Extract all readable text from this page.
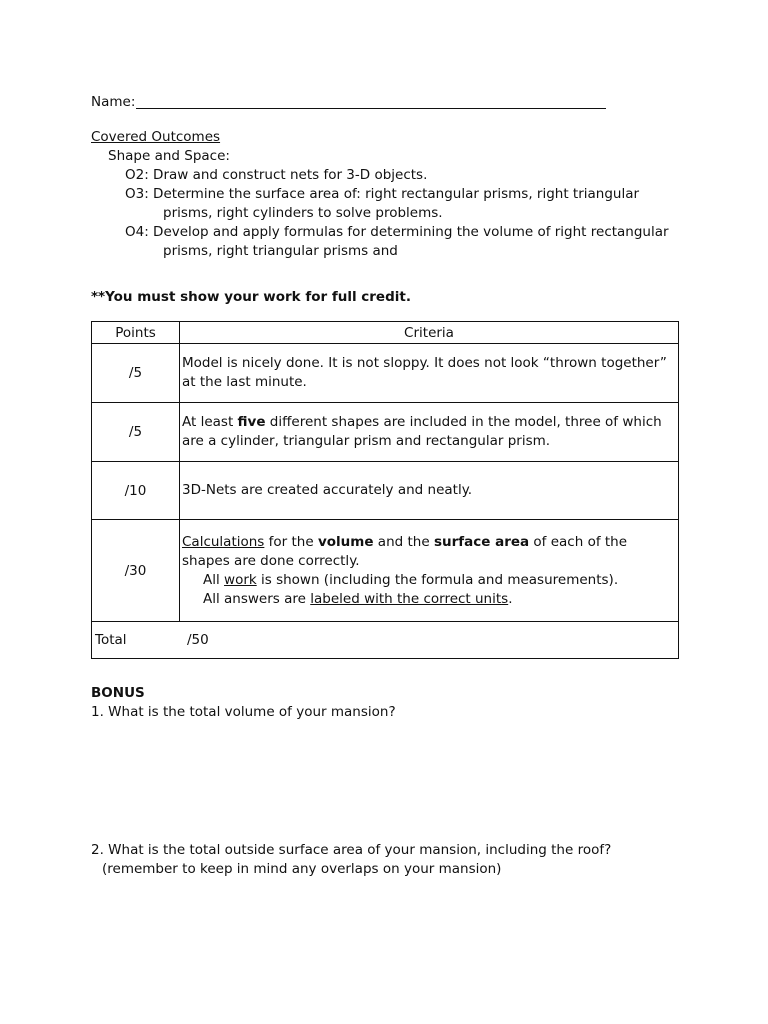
Name:
Covered Outcomes
Shape and Space:
O2: Draw and construct nets for 3-D objects.
O3: Determine the surface area of: right rectangular prisms, right triangular
prisms, right cylinders to solve problems.
O4: Develop and apply formulas for determining the volume of right rectangular
prisms, right triangular prisms and
**You must show your work for full credit.
Points	Criteria
/5	Model is nicely done. It is not sloppy. It does not look “thrown together” at the last minute.
/5	At least five different shapes are included in the model, three of which are a cylinder, triangular prism and rectangular prism.
/10	3D-Nets are created accurately and neatly.
/30	Calculations for the volume and the surface area of each of the shapes are done correctly.
All work is shown (including the formula and measurements).
All answers are labeled with the correct units.

Total /50	
BONUS
1. What is the total volume of your mansion?
2. What is the total outside surface area of your mansion, including the roof?
(remember to keep in mind any overlaps on your mansion)
